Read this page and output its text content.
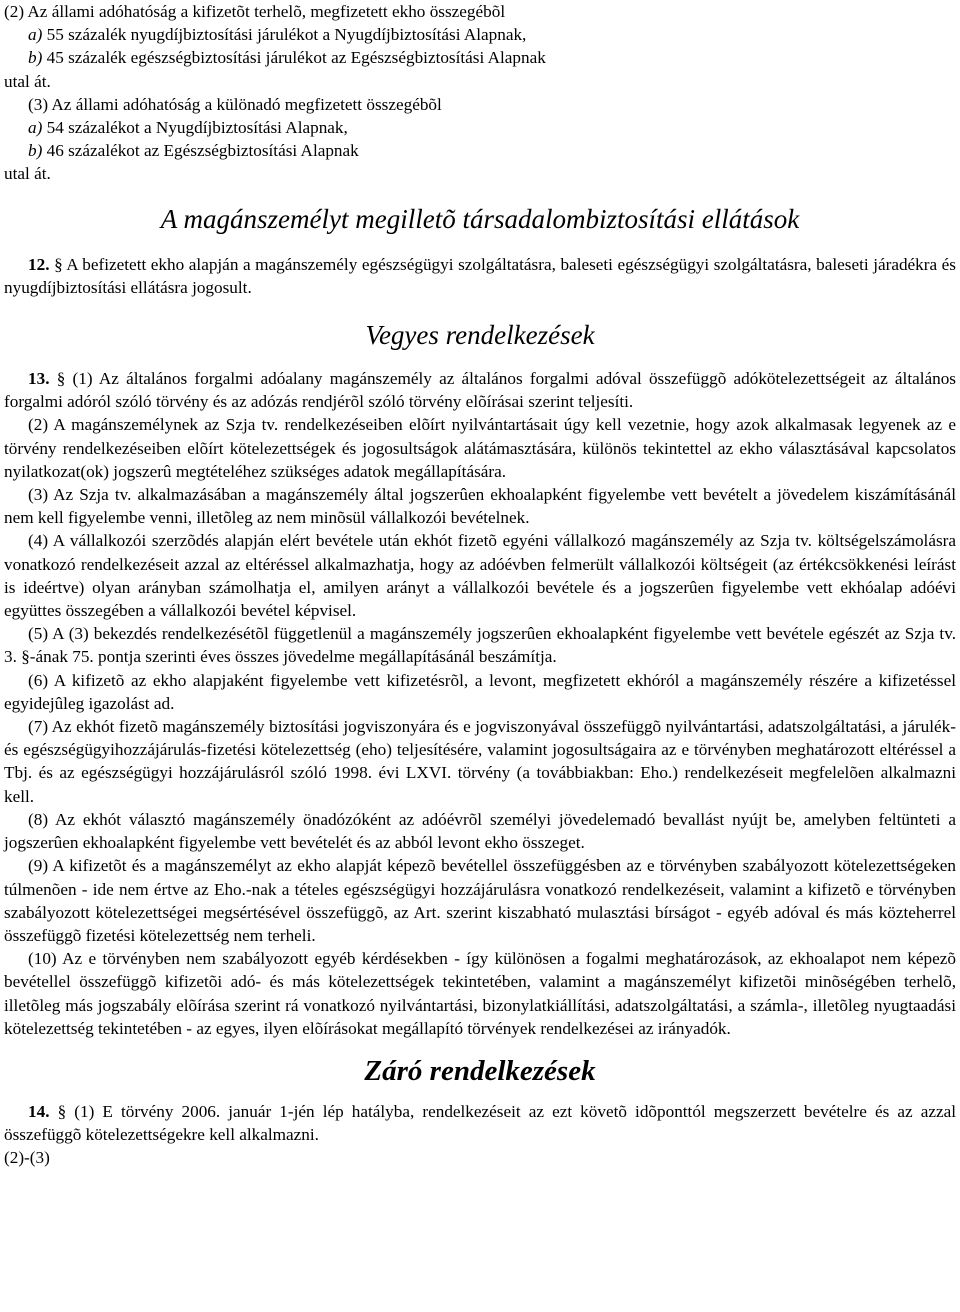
(2) Az állami adóhatóság a kifizetõt terhelõ, megfizetett ekho összegébõl

a) 55 százalék nyugdíjbiztosítási járulékot a Nyugdíjbiztosítási Alapnak,

b) 45 százalék egészségbiztosítási járulékot az Egészségbiztosítási Alapnak

utal át.

(3) Az állami adóhatóság a különadó megfizetett összegébõl

a) 54 százalékot a Nyugdíjbiztosítási Alapnak,

b) 46 százalékot az Egészségbiztosítási Alapnak

utal át.

A magánszemélyt megilletõ társadalombiztosítási ellátások

12. § A befizetett ekho alapján a magánszemély egészségügyi szolgáltatásra, baleseti egészségügyi szolgáltatásra, baleseti járadékra és nyugdíjbiztosítási ellátásra jogosult.

Vegyes rendelkezések

13. § (1) Az általános forgalmi adóalany magánszemély az általános forgalmi adóval összefüggõ adókötelezettségeit az általános forgalmi adóról szóló törvény és az adózás rendjérõl szóló törvény elõírásai szerint teljesíti.

(2) A magánszemélynek az Szja tv. rendelkezéseiben elõírt nyilvántartásait úgy kell vezetnie, hogy azok alkalmasak legyenek az e törvény rendelkezéseiben elõírt kötelezettségek és jogosultságok alátámasztására, különös tekintettel az ekho választásával kapcsolatos nyilatkozat(ok) jogszerû megtételéhez szükséges adatok megállapítására.

(3) Az Szja tv. alkalmazásában a magánszemély által jogszerûen ekhoalapként figyelembe vett bevételt a jövedelem kiszámításánál nem kell figyelembe venni, illetõleg az nem minõsül vállalkozói bevételnek.

(4) A vállalkozói szerzõdés alapján elért bevétele után ekhót fizetõ egyéni vállalkozó magánszemély az Szja tv. költségelszámolásra vonatkozó rendelkezéseit azzal az eltéréssel alkalmazhatja, hogy az adóévben felmerült vállalkozói költségeit (az értékcsökkenési leírást is ideértve) olyan arányban számolhatja el, amilyen arányt a vállalkozói bevétele és a jogszerûen figyelembe vett ekhóalap adóévi együttes összegében a vállalkozói bevétel képvisel.

(5) A (3) bekezdés rendelkezésétõl függetlenül a magánszemély jogszerûen ekhoalapként figyelembe vett bevétele egészét az Szja tv. 3. §-ának 75. pontja szerinti éves összes jövedelme megállapításánál beszámítja.

(6) A kifizetõ az ekho alapjaként figyelembe vett kifizetésrõl, a levont, megfizetett ekhóról a magánszemély részére a kifizetéssel egyidejûleg igazolást ad.

(7) Az ekhót fizetõ magánszemély biztosítási jogviszonyára és e jogviszonyával összefüggõ nyilvántartási, adatszolgáltatási, a járulék- és egészségügyihozzájárulás-fizetési kötelezettség (eho) teljesítésére, valamint jogosultságaira az e törvényben meghatározott eltéréssel a Tbj. és az egészségügyi hozzájárulásról szóló 1998. évi LXVI. törvény (a továbbiakban: Eho.) rendelkezéseit megfelelõen alkalmazni kell.

(8) Az ekhót választó magánszemély önadózóként az adóévrõl személyi jövedelemadó bevallást nyújt be, amelyben feltünteti a jogszerûen ekhoalapként figyelembe vett bevételét és az abból levont ekho összeget.

(9) A kifizetõt és a magánszemélyt az ekho alapját képezõ bevétellel összefüggésben az e törvényben szabályozott kötelezettségeken túlmenõen - ide nem értve az Eho.-nak a tételes egészségügyi hozzájárulásra vonatkozó rendelkezéseit, valamint a kifizetõ e törvényben szabályozott kötelezettségei megsértésével összefüggõ, az Art. szerint kiszabható mulasztási bírságot - egyéb adóval és más közteherrel összefüggõ fizetési kötelezettség nem terheli.

(10) Az e törvényben nem szabályozott egyéb kérdésekben - így különösen a fogalmi meghatározások, az ekhoalapot nem képezõ bevétellel összefüggõ kifizetõi adó- és más kötelezettségek tekintetében, valamint a magánszemélyt kifizetõi minõségében terhelõ, illetõleg más jogszabály elõírása szerint rá vonatkozó nyilvántartási, bizonylatkiállítási, adatszolgáltatási, a számla-, illetõleg nyugtaadási kötelezettség tekintetében - az egyes, ilyen elõírásokat megállapító törvények rendelkezései az irányadók.

Záró rendelkezések

14. § (1) E törvény 2006. január 1-jén lép hatályba, rendelkezéseit az ezt követõ idõponttól megszerzett bevételre és az azzal összefüggõ kötelezettségekre kell alkalmazni.

(2)-(3)
